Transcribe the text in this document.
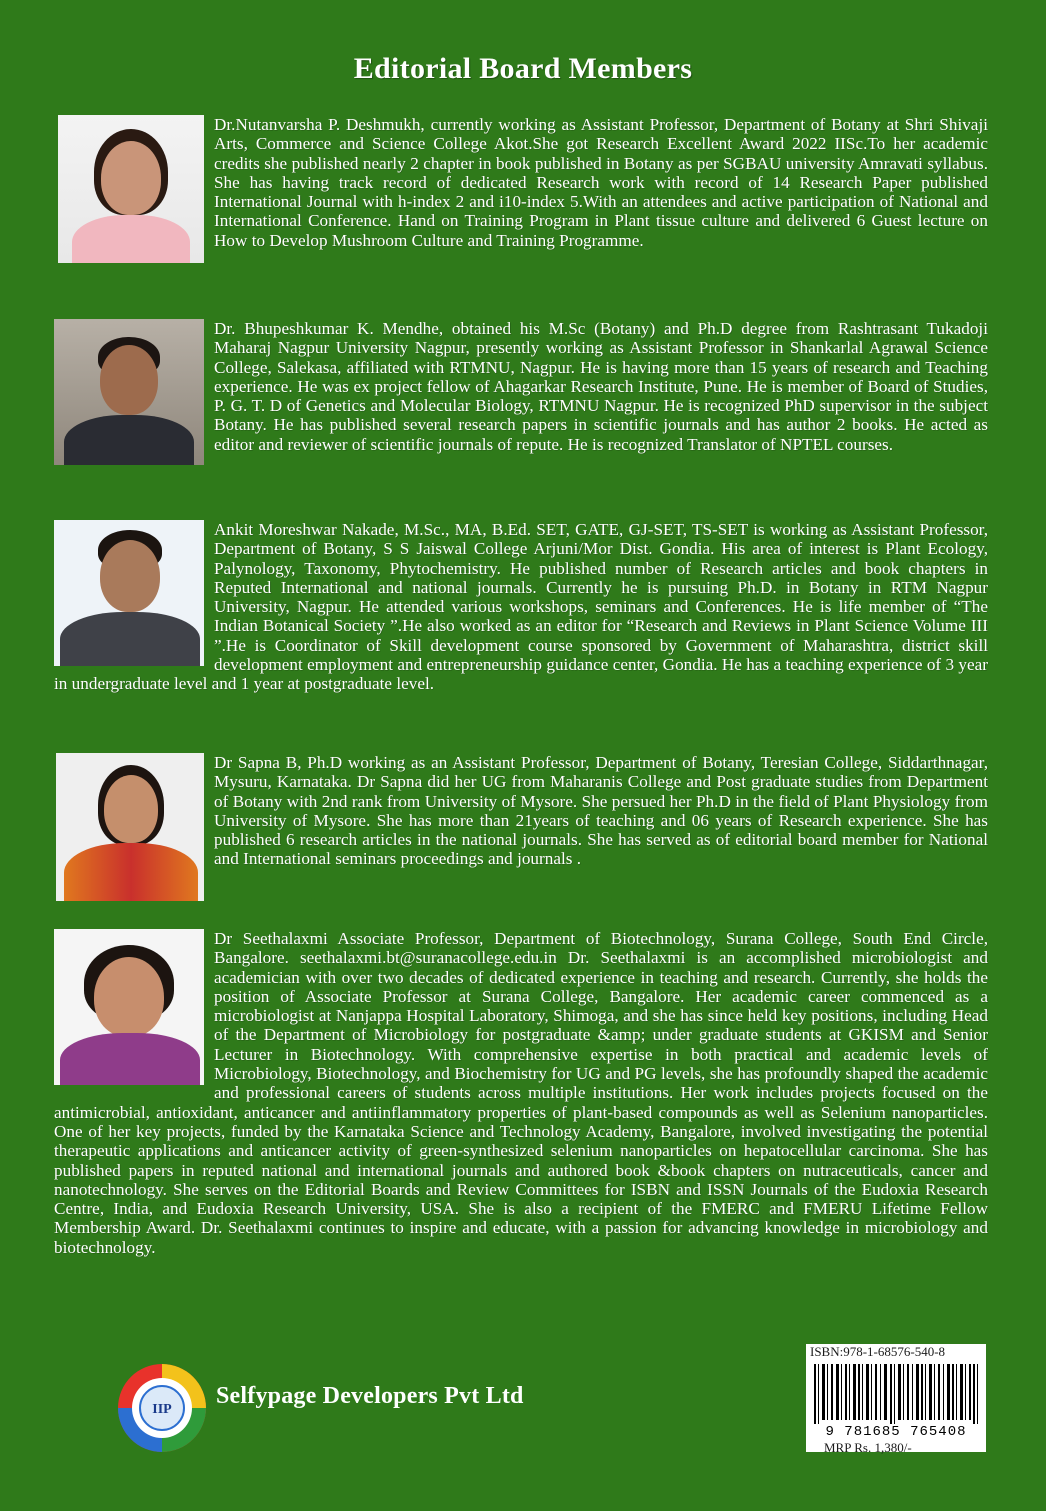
Editorial Board Members

Dr.Nutanvarsha P. Deshmukh, currently working as Assistant Professor, Department of Botany at Shri Shivaji Arts, Commerce and Science College Akot.She got Research Excellent Award 2022 IISc.To her academic credits she published nearly 2 chapter in book published in Botany as per SGBAU university Amravati syllabus. She has having track record of dedicated Research work with record of 14 Research Paper published International Journal with h-index 2 and i10-index 5.With an attendees and active participation of National and International Conference. Hand on Training Program in Plant tissue culture and delivered 6 Guest lecture on How to Develop Mushroom Culture and Training Programme.

Dr. Bhupeshkumar K. Mendhe, obtained his M.Sc (Botany) and Ph.D degree from Rashtrasant Tukadoji Maharaj Nagpur University Nagpur, presently working as Assistant Professor in Shankarlal Agrawal Science College, Salekasa, affiliated with RTMNU, Nagpur. He is having more than 15 years of research and Teaching experience. He was ex project fellow of Ahagarkar Research Institute, Pune. He is member of Board of Studies, P. G. T. D of Genetics and Molecular Biology, RTMNU Nagpur. He is recognized PhD supervisor in the subject Botany. He has published several research papers in scientific journals and has author 2 books. He acted as editor and reviewer of scientific journals of repute. He is recognized Translator of NPTEL courses.

Ankit Moreshwar Nakade, M.Sc., MA, B.Ed. SET, GATE, GJ-SET, TS-SET is working as Assistant Professor, Department of Botany, S S Jaiswal College Arjuni/Mor Dist. Gondia. His area of interest is Plant Ecology, Palynology, Taxonomy, Phytochemistry. He published number of Research articles and book chapters in Reputed International and national journals. Currently he is pursuing Ph.D. in Botany in RTM Nagpur University, Nagpur. He attended various workshops, seminars and Conferences. He is life member of “The Indian Botanical Society ”.He also worked as an editor for “Research and Reviews in Plant Science Volume III ”.He is Coordinator of Skill development course sponsored by Government of Maharashtra, district skill development employment and entrepreneurship guidance center, Gondia. He has a teaching experience of 3 year in undergraduate level and 1 year at postgraduate level.

Dr Sapna B, Ph.D working as an Assistant Professor, Department of Botany, Teresian College, Siddarthnagar, Mysuru, Karnataka. Dr Sapna did her UG from Maharanis College and Post graduate studies from Department of Botany with 2nd rank from University of Mysore. She persued her Ph.D in the field of Plant Physiology from University of Mysore. She has more than 21years of teaching and 06 years of Research experience. She has published 6 research articles in the national journals. She has served as of editorial board member for National and International seminars proceedings and journals .

Dr Seethalaxmi Associate Professor, Department of Biotechnology, Surana College, South End Circle, Bangalore. seethalaxmi.bt@suranacollege.edu.in Dr. Seethalaxmi is an accomplished microbiologist and academician with over two decades of dedicated experience in teaching and research. Currently, she holds the position of Associate Professor at Surana College, Bangalore. Her academic career commenced as a microbiologist at Nanjappa Hospital Laboratory, Shimoga, and she has since held key positions, including Head of the Department of Microbiology for postgraduate &amp; under graduate students at GKISM and Senior Lecturer in Biotechnology. With comprehensive expertise in both practical and academic levels of Microbiology, Biotechnology, and Biochemistry for UG and PG levels, she has profoundly shaped the academic and professional careers of students across multiple institutions. Her work includes projects focused on the antimicrobial, antioxidant, anticancer and antiinflammatory properties of plant-based compounds as well as Selenium nanoparticles. One of her key projects, funded by the Karnataka Science and Technology Academy, Bangalore, involved investigating the potential therapeutic applications and anticancer activity of green-synthesized selenium nanoparticles on hepatocellular carcinoma. She has published papers in reputed national and international journals and authored book &book chapters on nutraceuticals, cancer and nanotechnology. She serves on the Editorial Boards and Review Committees for ISBN and ISSN Journals of the Eudoxia Research Centre, India, and Eudoxia Research University, USA. She is also a recipient of the FMERC and FMERU Lifetime Fellow Membership Award. Dr. Seethalaxmi continues to inspire and educate, with a passion for advancing knowledge in microbiology and biotechnology.

IIP
Selfypage Developers Pvt Ltd
ISBN:978-1-68576-540-8
9 781685 765408
MRP Rs. 1,380/-
